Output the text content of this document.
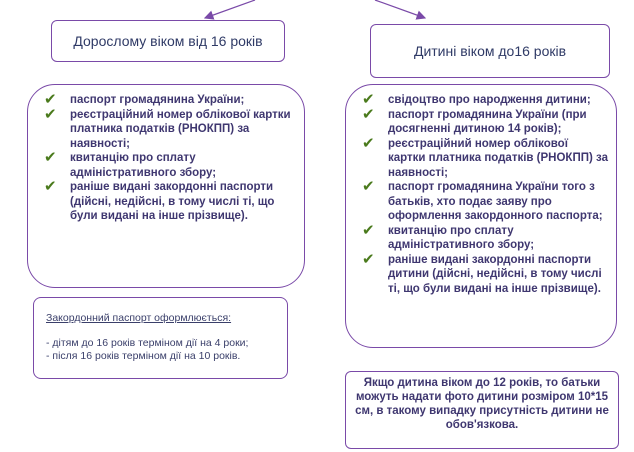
Дорослому віком від 16 років
Дитині віком до16 років
✔ паспорт громадянина України;
✔ реєстраційний номер облікової картки платника податків (РНОКПП) за наявності;
✔ квитанцію про сплату адміністративного збору;
✔ раніше видані закордонні паспорти (дійсні, недійсні, в тому числі ті, що були видані на інше прізвище).
✔ свідоцтво про народження дитини;
✔ паспорт громадянина України (при досягненні дитиною 14 років);
✔ реєстраційний номер облікової картки платника податків (РНОКПП) за наявності;
✔ паспорт громадянина України того з батьків, хто подає заяву про оформлення закордонного паспорта;
✔ квитанцію про сплату адміністративного збору;
✔ раніше видані закордонні паспорти дитини (дійсні, недійсні, в тому числі ті, що були видані на інше прізвище).
Закордонний паспорт оформлюється:
- дітям до 16 років терміном дії на 4 роки;
- після 16 років терміном дії на 10 років.
Якщо дитина віком до 12 років, то батьки можуть надати фото дитини розміром 10*15 см, в такому випадку присутність дитини не обов'язкова.
